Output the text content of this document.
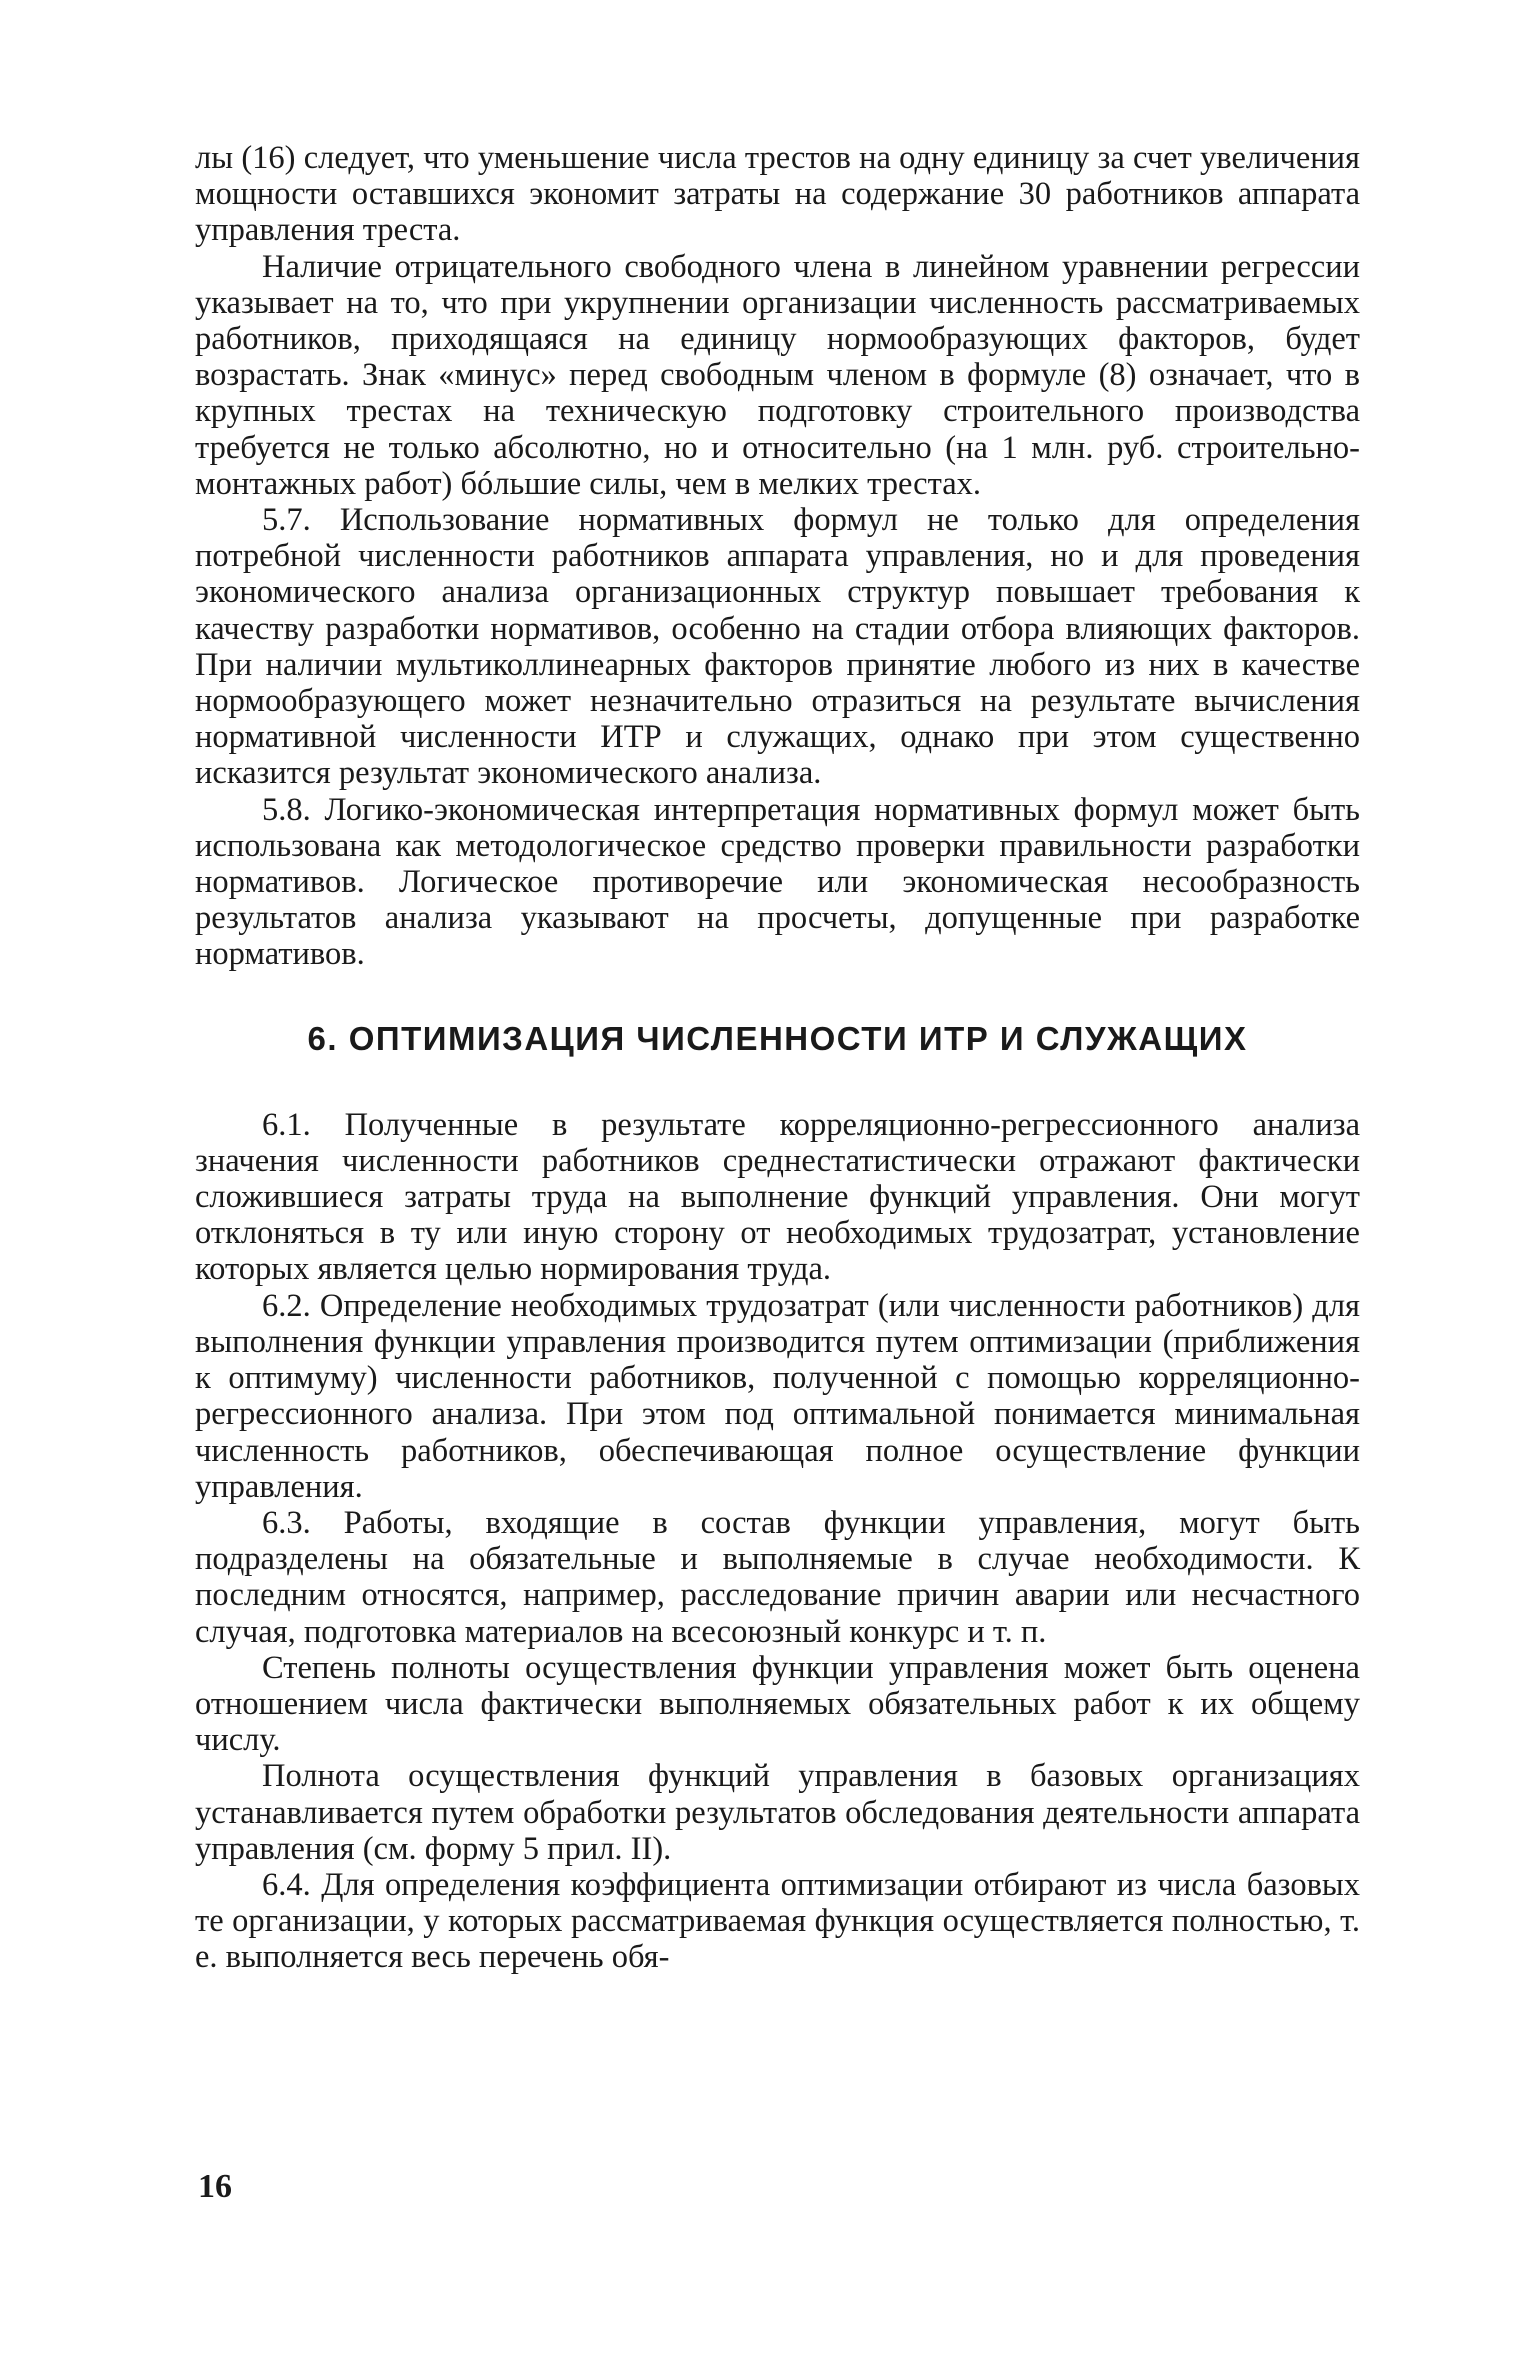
лы (16) следует, что уменьшение числа трестов на одну единицу за счет увеличения мощности оставшихся экономит затраты на содержание 30 работников аппарата управления треста.

Наличие отрицательного свободного члена в линейном уравнении регрессии указывает на то, что при укрупнении организации численность рассматриваемых работников, приходящаяся на единицу нормообразующих факторов, будет возрастать. Знак «минус» перед свободным членом в формуле (8) означает, что в крупных трестах на техническую подготовку строительного производства требуется не только абсолютно, но и относительно (на 1 млн. руб. строительно-монтажных работ) бóльшие силы, чем в мелких трестах.

5.7. Использование нормативных формул не только для определения потребной численности работников аппарата управления, но и для проведения экономического анализа организационных структур повышает требования к качеству разработки нормативов, особенно на стадии отбора влияющих факторов. При наличии мультиколлинеарных факторов принятие любого из них в качестве нормообразующего может незначительно отразиться на результате вычисления нормативной численности ИТР и служащих, однако при этом существенно исказится результат экономического анализа.

5.8. Логико-экономическая интерпретация нормативных формул может быть использована как методологическое средство проверки правильности разработки нормативов. Логическое противоречие или экономическая несообразность результатов анализа указывают на просчеты, допущенные при разработке нормативов.

6. ОПТИМИЗАЦИЯ ЧИСЛЕННОСТИ ИТР И СЛУЖАЩИХ

6.1. Полученные в результате корреляционно-регрессионного анализа значения численности работников среднестатистически отражают фактически сложившиеся затраты труда на выполнение функций управления. Они могут отклоняться в ту или иную сторону от необходимых трудозатрат, установление которых является целью нормирования труда.

6.2. Определение необходимых трудозатрат (или численности работников) для выполнения функции управления производится путем оптимизации (приближения к оптимуму) численности работников, полученной с помощью корреляционно-регрессионного анализа. При этом под оптимальной понимается минимальная численность работников, обеспечивающая полное осуществление функции управления.

6.3. Работы, входящие в состав функции управления, могут быть подразделены на обязательные и выполняемые в случае необходимости. К последним относятся, например, расследование причин аварии или несчастного случая, подготовка материалов на всесоюзный конкурс и т. п.

Степень полноты осуществления функции управления может быть оценена отношением числа фактически выполняемых обязательных работ к их общему числу.

Полнота осуществления функций управления в базовых организациях устанавливается путем обработки результатов обследования деятельности аппарата управления (см. форму 5 прил. II).

6.4. Для определения коэффициента оптимизации отбирают из числа базовых те организации, у которых рассматриваемая функция осуществляется полностью, т. е. выполняется весь перечень обя-

16
